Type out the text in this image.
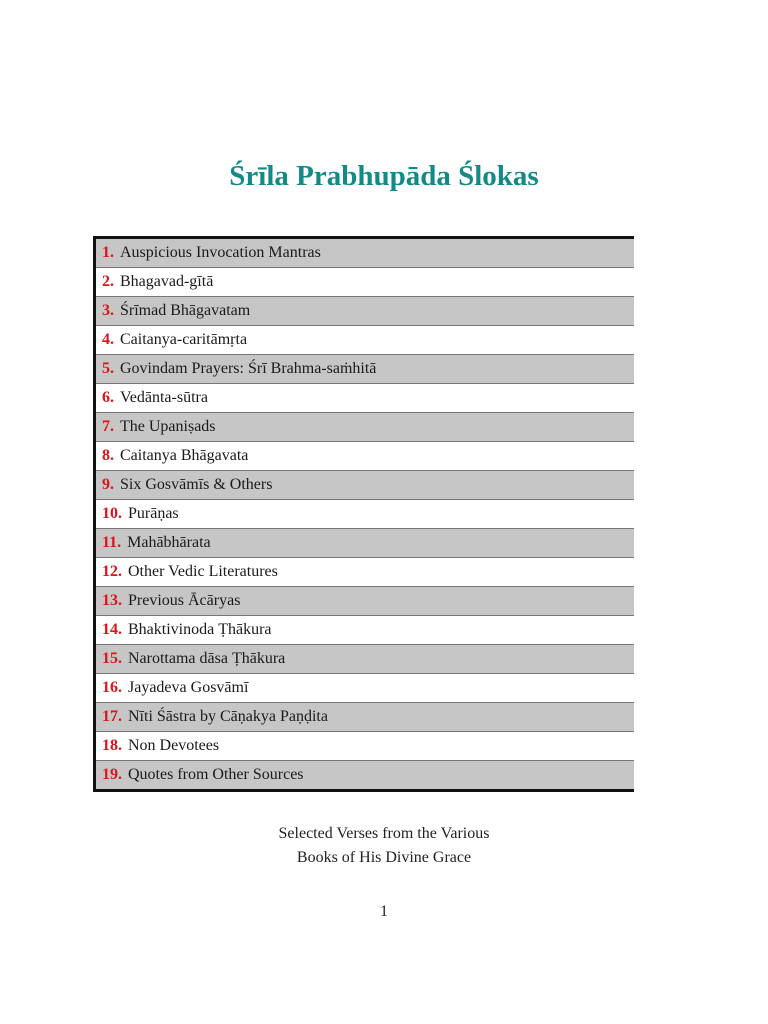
Śrīla Prabhupāda Ślokas
1. Auspicious Invocation Mantras
2. Bhagavad-gītā
3. Śrīmad Bhāgavatam
4. Caitanya-caritāmṛta
5. Govindam Prayers: Śrī Brahma-saṁhitā
6. Vedānta-sūtra
7. The Upaniṣads
8. Caitanya Bhāgavata
9. Six Gosvāmīs & Others
10. Purāṇas
11. Mahābhārata
12. Other Vedic Literatures
13. Previous Ācāryas
14. Bhaktivinoda Ṭhākura
15. Narottama dāsa Ṭhākura
16. Jayadeva Gosvāmī
17. Nīti Śāstra by Cāṇakya Paṇḍita
18. Non Devotees
19. Quotes from Other Sources
Selected Verses from the Various
Books of His Divine Grace
1
